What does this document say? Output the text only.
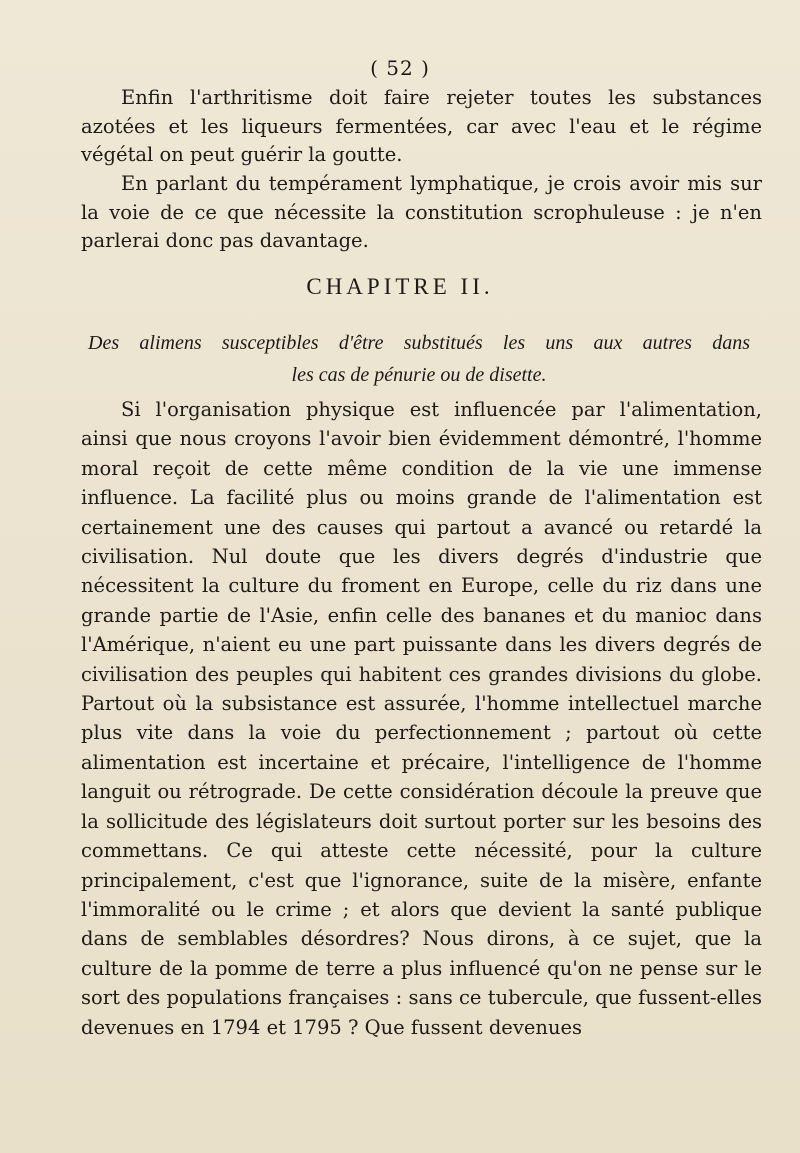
( 52 )
Enfin l'arthritisme doit faire rejeter toutes les substances azotées et les liqueurs fermentées, car avec l'eau et le régime végétal on peut guérir la goutte.
En parlant du tempérament lymphatique, je crois avoir mis sur la voie de ce que nécessite la constitution scrophuleuse : je n'en parlerai donc pas davantage.
CHAPITRE II.
Des alimens susceptibles d'être substitués les uns aux autres dans
les cas de pénurie ou de disette.
Si l'organisation physique est influencée par l'alimentation, ainsi que nous croyons l'avoir bien évidemment démontré, l'homme moral reçoit de cette même condition de la vie une immense influence. La facilité plus ou moins grande de l'alimentation est certainement une des causes qui partout a avancé ou retardé la civilisation. Nul doute que les divers degrés d'industrie que nécessitent la culture du froment en Europe, celle du riz dans une grande partie de l'Asie, enfin celle des bananes et du manioc dans l'Amérique, n'aient eu une part puissante dans les divers degrés de civilisation des peuples qui habitent ces grandes divisions du globe. Partout où la subsistance est assurée, l'homme intellectuel marche plus vite dans la voie du perfectionnement ; partout où cette alimentation est incertaine et précaire, l'intelligence de l'homme languit ou rétrograde. De cette considération découle la preuve que la sollicitude des législateurs doit surtout porter sur les besoins des commettans. Ce qui atteste cette nécessité, pour la culture principalement, c'est que l'ignorance, suite de la misère, enfante l'immoralité ou le crime ; et alors que devient la santé publique dans de semblables désordres? Nous dirons, à ce sujet, que la culture de la pomme de terre a plus influencé qu'on ne pense sur le sort des populations françaises : sans ce tubercule, que fussent-elles devenues en 1794 et 1795 ? Que fussent devenues
